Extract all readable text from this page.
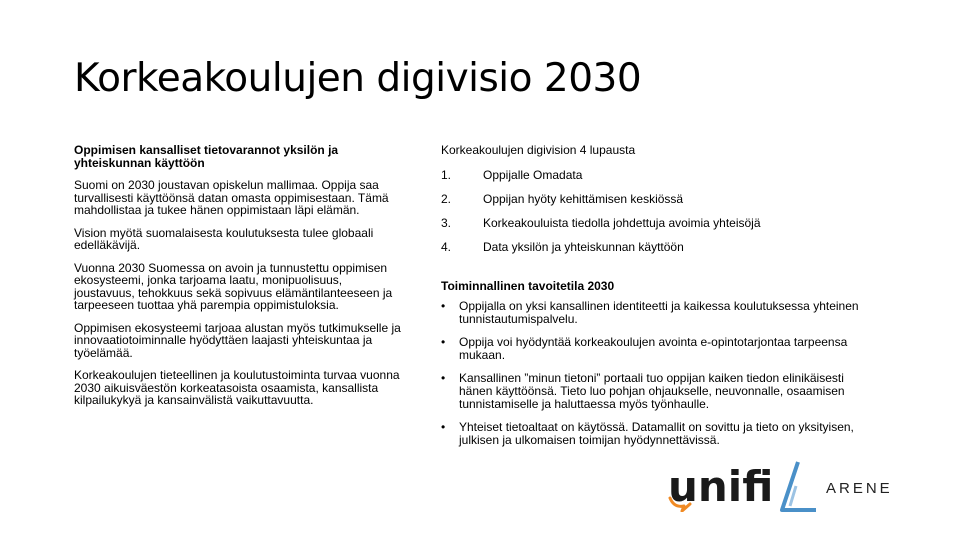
Korkeakoulujen digivisio 2030
Oppimisen kansalliset tietovarannot yksilön ja yhteiskunnan käyttöön

Suomi on 2030 joustavan opiskelun mallimaa. Oppija saa turvallisesti käyttöönsä datan omasta oppimisestaan. Tämä mahdollistaa ja tukee hänen oppimistaan läpi elämän.

Vision myötä suomalaisesta koulutuksesta tulee globaali edelläkävijä.

Vuonna 2030 Suomessa on avoin ja tunnustettu oppimisen ekosysteemi, jonka tarjoama laatu, monipuolisuus, joustavuus, tehokkuus sekä sopivuus elämäntilanteeseen ja tarpeeseen tuottaa yhä parempia oppimistuloksia.

Oppimisen ekosysteemi tarjoaa alustan myös tutkimukselle ja innovaatiotoiminnalle hyödyttäen laajasti yhteiskuntaa ja työelämää.

Korkeakoulujen tieteellinen ja koulutustoiminta turvaa vuonna 2030 aikuisväestön korkeatasoista osaamista, kansallista kilpailukykyä ja kansainvälistä vaikuttavuutta.

Korkeakoulujen digivision 4 lupausta
1.	Oppijalle Omadata
2.	Oppijan hyöty kehittämisen keskiössä
3.	Korkeakouluista tiedolla johdettuja avoimia yhteisöjä
4.	Data yksilön ja yhteiskunnan käyttöön
Toiminnallinen tavoitetila 2030
•	Oppijalla on yksi kansallinen identiteetti ja kaikessa koulutuksessa yhteinen tunnistautumispalvelu.
•	Oppija voi hyödyntää korkeakoulujen avointa e-opintotarjontaa tarpeensa mukaan.
•	Kansallinen ”minun tietoni” portaali tuo oppijan kaiken tiedon elinikäisesti hänen käyttöönsä. Tieto luo pohjan ohjaukselle, neuvonnalle, osaamisen tunnistamiselle ja haluttaessa myös työnhaulle.
•	Yhteiset tietoaltaat on käytössä. Datamallit on sovittu ja tieto on yksityisen, julkisen ja ulkomaisen toimijan hyödynnettävissä.
unifi	ARENE
